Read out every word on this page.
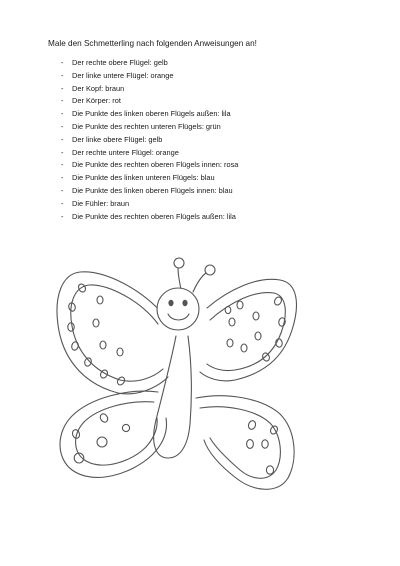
Male den Schmetterling nach folgenden Anweisungen an!
-	Der rechte obere Flügel: gelb
-	Der linke untere Flügel: orange
-	Der Kopf: braun
-	Der Körper: rot
-	Die Punkte des linken oberen Flügels außen: lila
-	Die Punkte des rechten unteren Flügels: grün
-	Der linke obere Flügel: gelb
-	Der rechte untere Flügel: orange
-	Die Punkte des rechten oberen Flügels innen: rosa
-	Die Punkte des linken unteren Flügels: blau
-	Die Punkte des linken oberen Flügels innen: blau
-	Die Fühler: braun
-	Die Punkte des rechten oberen Flügels außen: lila
